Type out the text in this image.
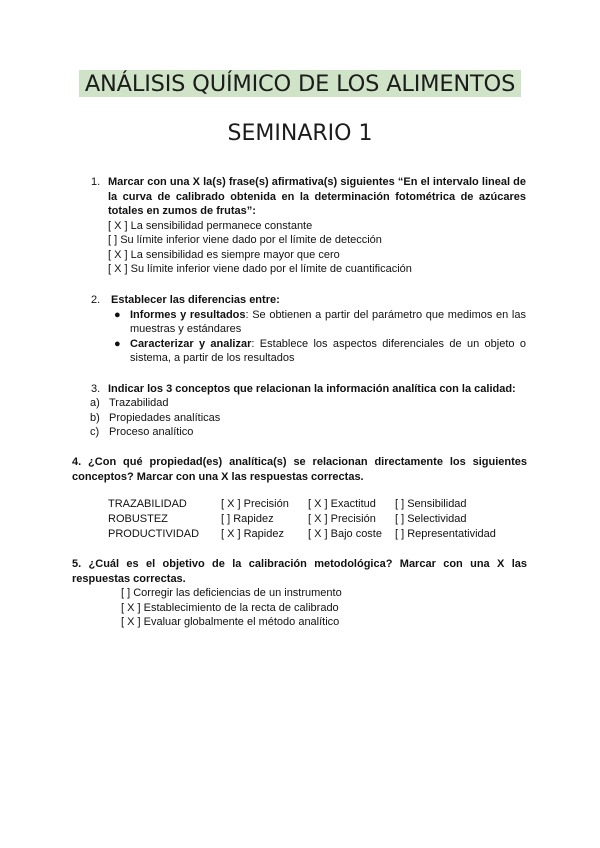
ANÁLISIS QUÍMICO DE LOS ALIMENTOS
SEMINARIO 1
1. Marcar con una X la(s) frase(s) afirmativa(s) siguientes “En el intervalo lineal de la curva de calibrado obtenida en la determinación fotométrica de azúcares totales en zumos de frutas”:
[ X ] La sensibilidad permanece constante
[ ] Su límite inferior viene dado por el límite de detección
[ X ] La sensibilidad es siempre mayor que cero
[ X ] Su límite inferior viene dado por el límite de cuantificación
2. Establecer las diferencias entre:
● Informes y resultados: Se obtienen a partir del parámetro que medimos en las muestras y estándares
● Caracterizar y analizar: Establece los aspectos diferenciales de un objeto o sistema, a partir de los resultados
3. Indicar los 3 conceptos que relacionan la información analítica con la calidad:
a) Trazabilidad
b) Propiedades analíticas
c) Proceso analítico
4. ¿Con qué propiedad(es) analítica(s) se relacionan directamente los siguientes conceptos? Marcar con una X las respuestas correctas.
TRAZABILIDAD	[ X ] Precisión [ X ] Exactitud [ ] Sensibilidad
ROBUSTEZ	[ ] Rapidez	[ X ] Precisión [ ] Selectividad
PRODUCTIVIDAD [ X ] Rapidez [ X ] Bajo coste [ ] Representatividad
5. ¿Cuál es el objetivo de la calibración metodológica? Marcar con una X las respuestas correctas.
[ ] Corregir las deficiencias de un instrumento
[ X ] Establecimiento de la recta de calibrado
[ X ] Evaluar globalmente el método analítico
